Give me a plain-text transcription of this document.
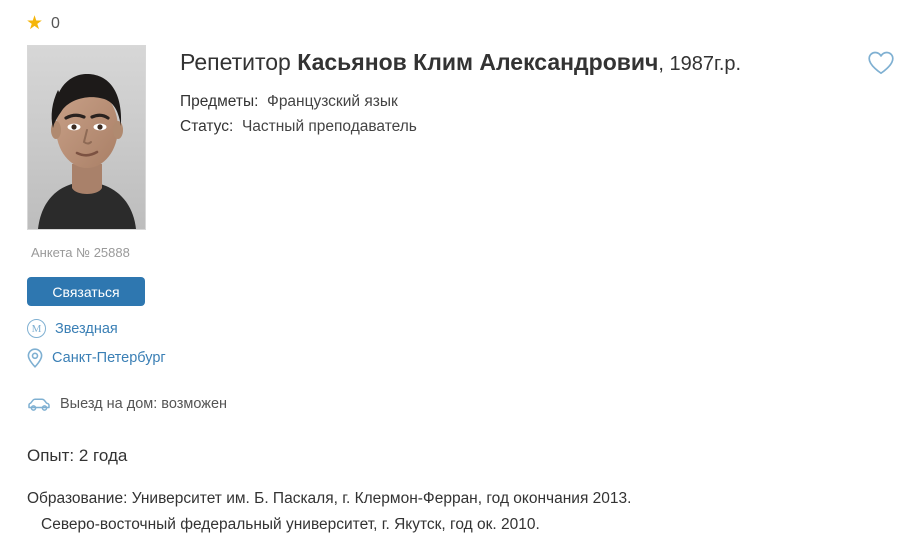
★ 0
Анкета № 25888
Связаться
M Звездная
Санкт-Петербург
Выезд на дом: возможен
Репетитор Касьянов Клим Александрович, 1987г.р.
Предметы: Французский язык
Статус: Частный преподаватель
Опыт: 2 года
Образование: Университет им. Б. Паскаля, г. Клермон-Ферран, год окончания 2013.
Северо-восточный федеральный университет, г. Якутск, год ок. 2010.
